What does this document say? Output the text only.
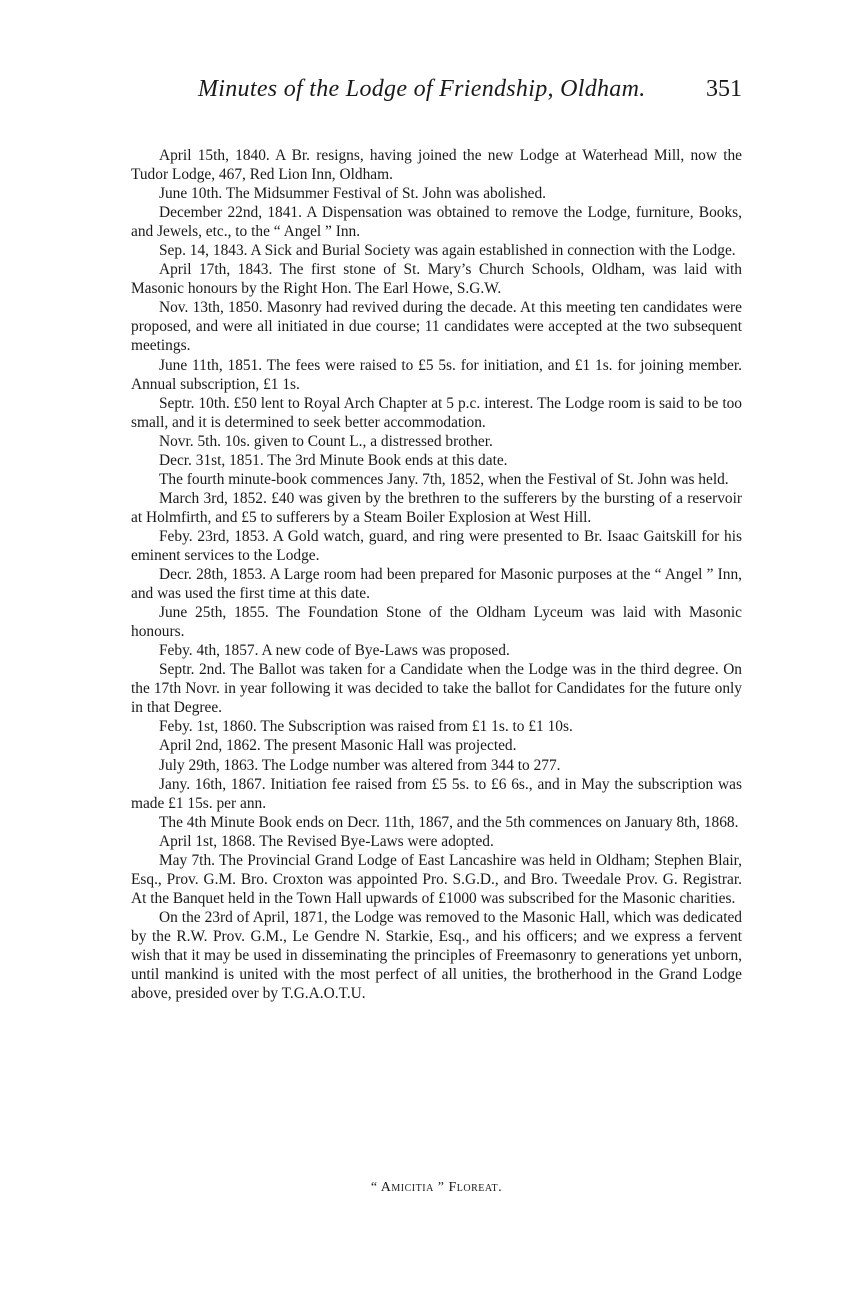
Minutes of the Lodge of Friendship, Oldham.	351

April 15th, 1840. A Br. resigns, having joined the new Lodge at Waterhead Mill, now the Tudor Lodge, 467, Red Lion Inn, Oldham.

June 10th. The Midsummer Festival of St. John was abolished.

December 22nd, 1841. A Dispensation was obtained to remove the Lodge, furniture, Books, and Jewels, etc., to the “ Angel ” Inn.

Sep. 14, 1843. A Sick and Burial Society was again established in connection with the Lodge.

April 17th, 1843. The first stone of St. Mary’s Church Schools, Oldham, was laid with Masonic honours by the Right Hon. The Earl Howe, S.G.W.

Nov. 13th, 1850. Masonry had revived during the decade. At this meeting ten candidates were proposed, and were all initiated in due course; 11 candidates were accepted at the two subsequent meetings.

June 11th, 1851. The fees were raised to £5 5s. for initiation, and £1 1s. for joining member. Annual subscription, £1 1s.

Septr. 10th. £50 lent to Royal Arch Chapter at 5 p.c. interest. The Lodge room is said to be too small, and it is determined to seek better accommodation.

Novr. 5th. 10s. given to Count L., a distressed brother.

Decr. 31st, 1851. The 3rd Minute Book ends at this date.

The fourth minute-book commences Jany. 7th, 1852, when the Festival of St. John was held.

March 3rd, 1852. £40 was given by the brethren to the sufferers by the bursting of a reservoir at Holmfirth, and £5 to sufferers by a Steam Boiler Explosion at West Hill.

Feby. 23rd, 1853. A Gold watch, guard, and ring were presented to Br. Isaac Gaitskill for his eminent services to the Lodge.

Decr. 28th, 1853. A Large room had been prepared for Masonic purposes at the “ Angel ” Inn, and was used the first time at this date.

June 25th, 1855. The Foundation Stone of the Oldham Lyceum was laid with Masonic honours.

Feby. 4th, 1857. A new code of Bye-Laws was proposed.

Septr. 2nd. The Ballot was taken for a Candidate when the Lodge was in the third degree. On the 17th Novr. in year following it was decided to take the ballot for Candidates for the future only in that Degree.

Feby. 1st, 1860. The Subscription was raised from £1 1s. to £1 10s.

April 2nd, 1862. The present Masonic Hall was projected.

July 29th, 1863. The Lodge number was altered from 344 to 277.

Jany. 16th, 1867. Initiation fee raised from £5 5s. to £6 6s., and in May the subscription was made £1 15s. per ann.

The 4th Minute Book ends on Decr. 11th, 1867, and the 5th commences on January 8th, 1868.

April 1st, 1868. The Revised Bye-Laws were adopted.

May 7th. The Provincial Grand Lodge of East Lancashire was held in Oldham; Stephen Blair, Esq., Prov. G.M. Bro. Croxton was appointed Pro. S.G.D., and Bro. Tweedale Prov. G. Registrar. At the Banquet held in the Town Hall upwards of £1000 was subscribed for the Masonic charities.

On the 23rd of April, 1871, the Lodge was removed to the Masonic Hall, which was dedicated by the R.W. Prov. G.M., Le Gendre N. Starkie, Esq., and his officers; and we express a fervent wish that it may be used in disseminating the principles of Freemasonry to generations yet unborn, until mankind is united with the most perfect of all unities, the brotherhood in the Grand Lodge above, presided over by T.G.A.O.T.U.

“ Amicitia ” Floreat.
